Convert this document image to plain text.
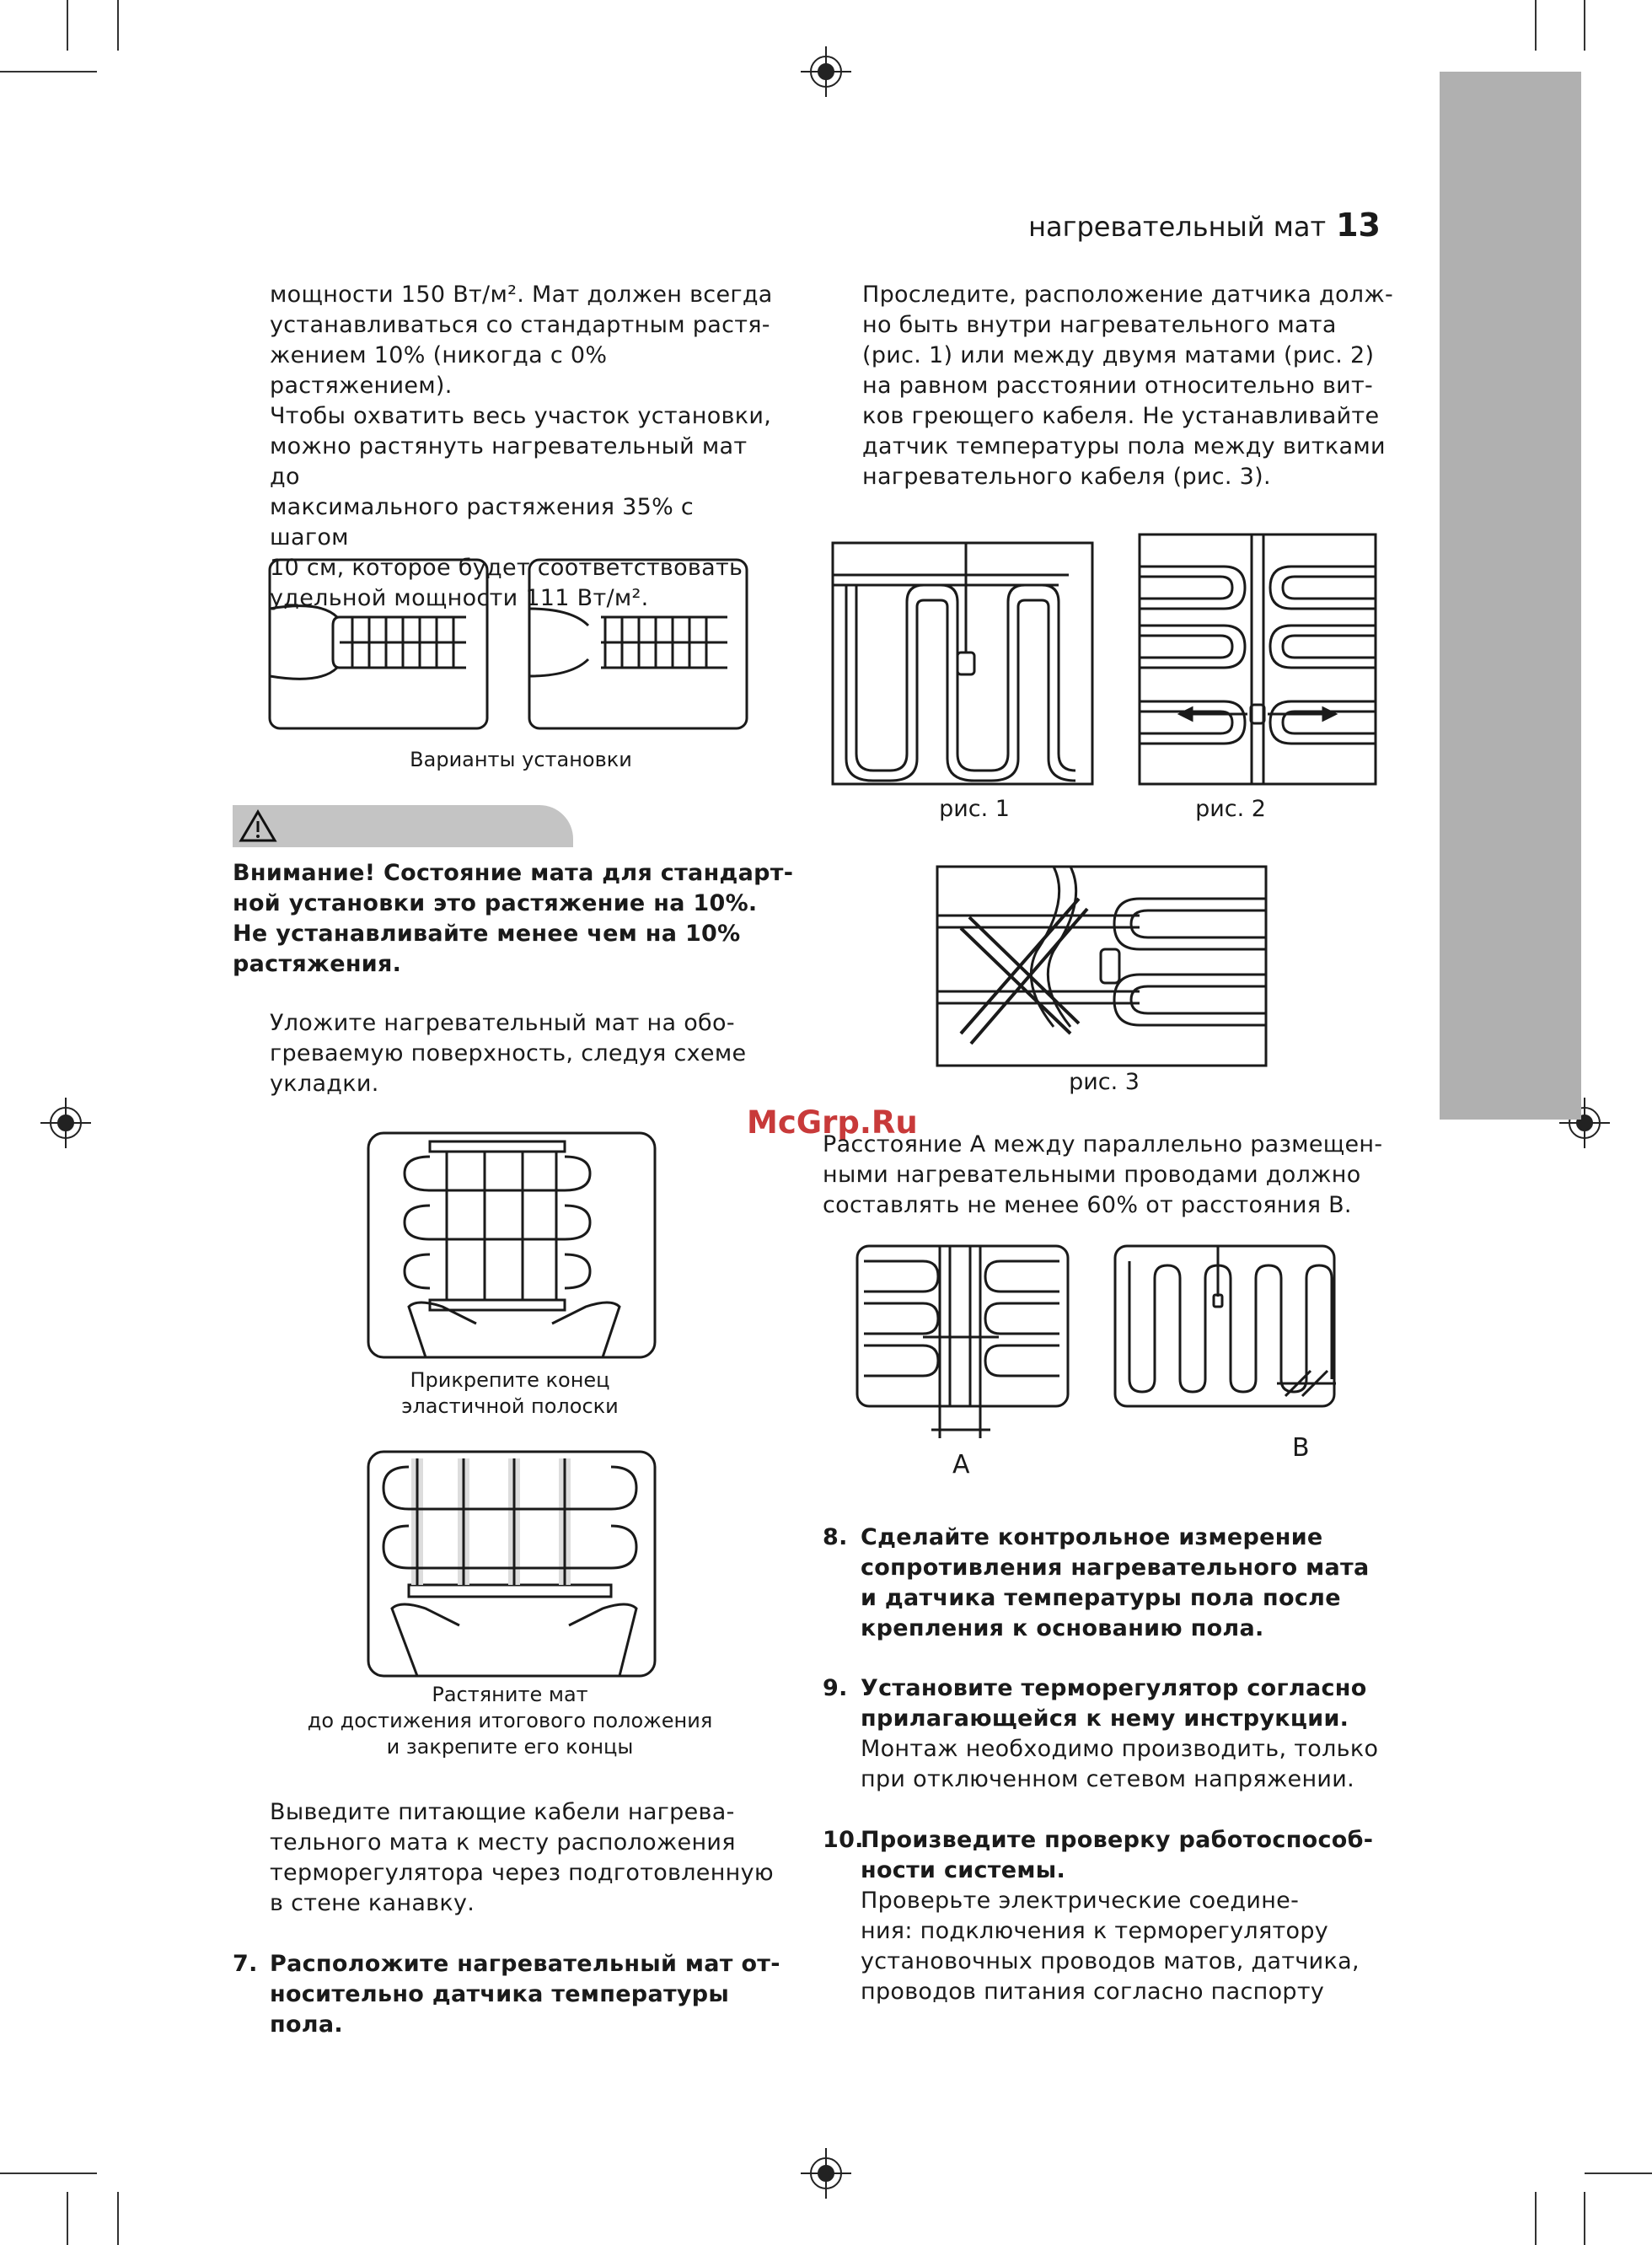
нагревательный мат 13
мощности 150 Вт/м². Мат должен всегда
устанавливаться со стандартным растя-
жением 10% (никогда с 0% растяжением).
Чтобы охватить весь участок установки,
можно растянуть нагревательный мат до
максимального растяжения 35% с шагом
10 см, которое будет соответствовать
удельной мощности 111 Вт/м².
Варианты установки
Внимание! Состояние мата для стандарт-
ной установки это растяжение на 10%.
Не устанавливайте менее чем на 10%
растяжения.
Уложите нагревательный мат на обо-
греваемую поверхность, следуя схеме
укладки.
Прикрепите конец
эластичной полоски
Растяните мат
до достижения итогового положения
и закрепите его концы
Выведите питающие кабели нагрева-
тельного мата к месту расположения
терморегулятора через подготовленную
в стене канавку.
7. Расположите нагревательный мат от-
носительно датчика температуры пола.
Проследите, расположение датчика долж-
но быть внутри нагревательного мата
(рис. 1) или между двумя матами (рис. 2)
на равном расстоянии относительно вит-
ков греющего кабеля. Не устанавливайте
датчик температуры пола между витками
нагревательного кабеля (рис. 3).
рис. 1	рис. 2
рис. 3
McGrp.Ru
Расстояние А между параллельно размещен-
ными нагревательными проводами должно
составлять не менее 60% от расстояния В.
A
B
8. Сделайте контрольное измерение
сопротивления нагревательного мата
и датчика температуры пола после
крепления к основанию пола.
9. Установите терморегулятор согласно
прилагающейся к нему инструкции.
Монтаж необходимо производить, только
при отключенном сетевом напряжении.
10.
Произведите проверку работоспособ-
ности системы.
Проверьте электрические соедине-
ния: подключения к терморегулятору
установочных проводов матов, датчика,
проводов питания согласно паспорту
